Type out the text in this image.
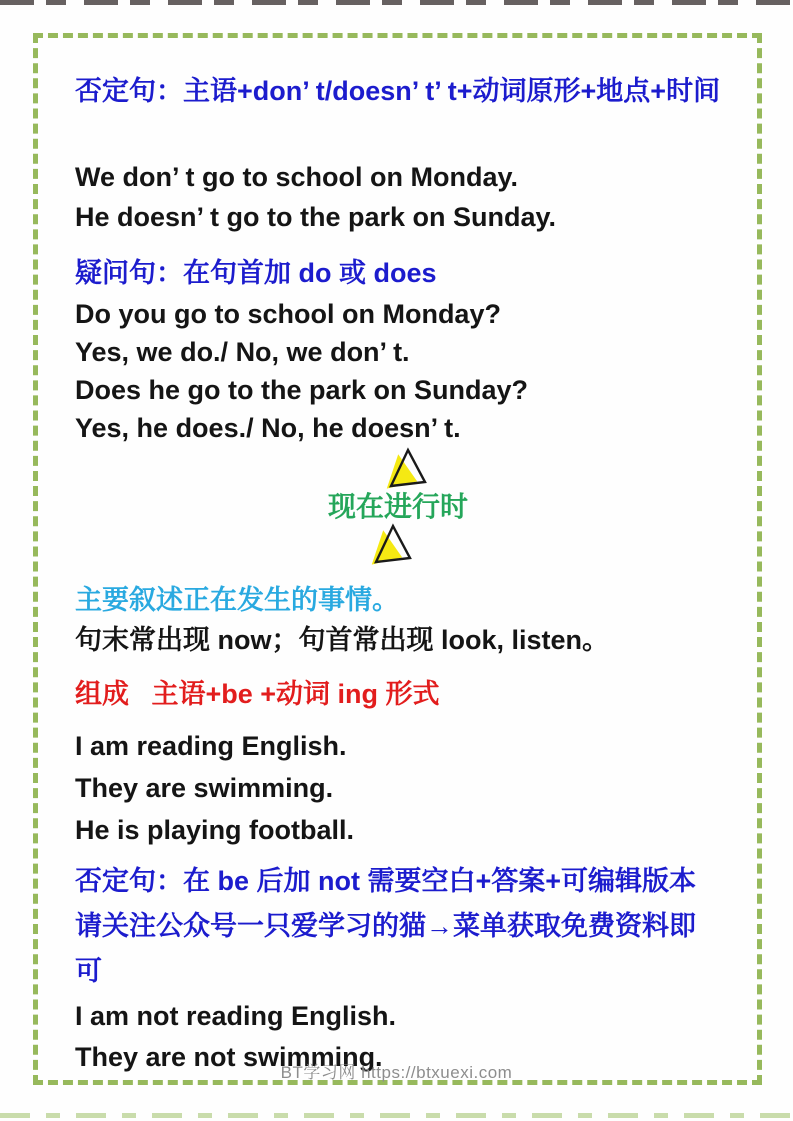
否定句：主语+don’ t/doesn’ t’ t+动词原形+地点+时间

We don’ t go to school on Monday.

He doesn’ t go to the park on Sunday.

疑问句：在句首加 do 或 does

Do you go to school on Monday?

Yes, we do./ No, we don’ t.

Does he go to the park on Sunday?

Yes, he does./ No, he doesn’ t.

现在进行时
主要叙述正在发生的事情。
句末常出现 now；句首常出现 look, listen。
组成   主语+be +动词 ing 形式

I am reading English.

They are swimming.

He is playing football.

否定句：在 be 后加 not 需要空白+答案+可编辑版本请关注公众号一只爱学习的猫→菜单获取免费资料即可

I am not reading English.

They are not swimming.

BT学习网 https://btxuexi.com
